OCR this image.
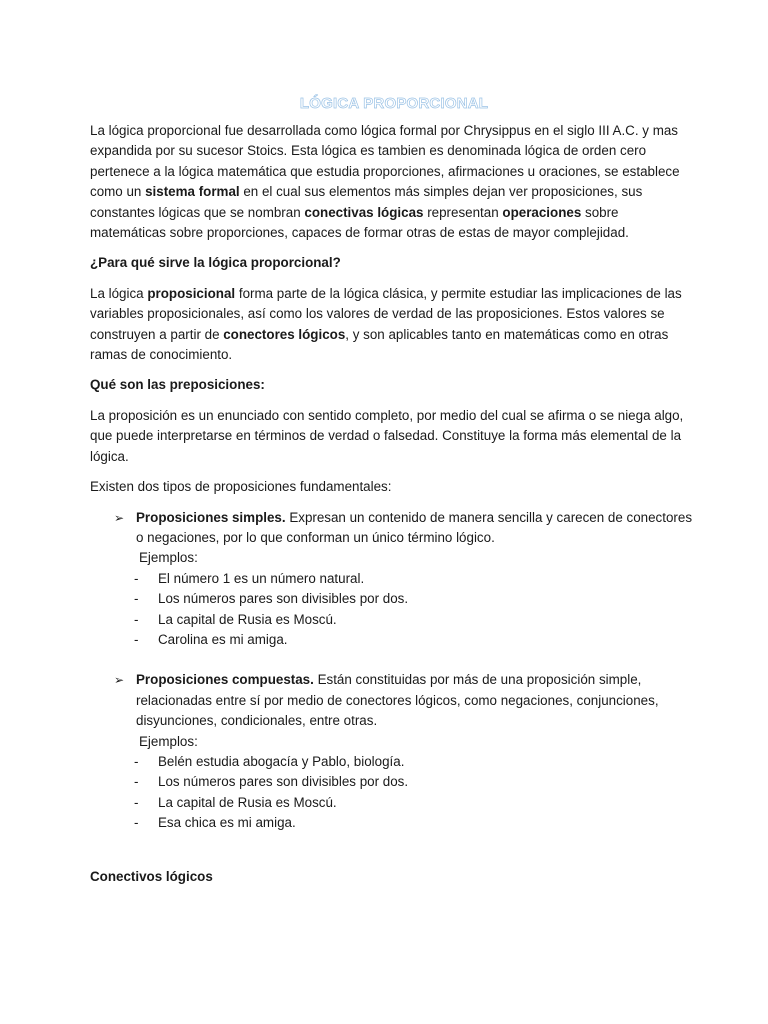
LÓGICA PROPORCIONAL

La lógica proporcional fue desarrollada como lógica formal por Chrysippus en el siglo III A.C. y mas expandida por su sucesor Stoics. Esta lógica es tambien es denominada lógica de orden cero pertenece a la lógica matemática que estudia proporciones, afirmaciones u oraciones, se establece como un sistema formal en el cual sus elementos más simples dejan ver proposiciones, sus constantes lógicas que se nombran conectivas lógicas representan operaciones sobre matemáticas sobre proporciones, capaces de formar otras de estas de mayor complejidad.

¿Para qué sirve la lógica proporcional?

La lógica proposicional forma parte de la lógica clásica, y permite estudiar las implicaciones de las variables proposicionales, así como los valores de verdad de las proposiciones. Estos valores se construyen a partir de conectores lógicos, y son aplicables tanto en matemáticas como en otras ramas de conocimiento.

Qué son las preposiciones:

La proposición es un enunciado con sentido completo, por medio del cual se afirma o se niega algo, que puede interpretarse en términos de verdad o falsedad. Constituye la forma más elemental de la lógica.

Existen dos tipos de proposiciones fundamentales:

➢ Proposiciones simples. Expresan un contenido de manera sencilla y carecen de conectores o negaciones, por lo que conforman un único término lógico.
Ejemplos:
- El número 1 es un número natural.
- Los números pares son divisibles por dos.
- La capital de Rusia es Moscú.
- Carolina es mi amiga.
➢ Proposiciones compuestas. Están constituidas por más de una proposición simple, relacionadas entre sí por medio de conectores lógicos, como negaciones, conjunciones, disyunciones, condicionales, entre otras.
Ejemplos:
- Belén estudia abogacía y Pablo, biología.
- Los números pares son divisibles por dos.
- La capital de Rusia es Moscú.
- Esa chica es mi amiga.

Conectivos lógicos
